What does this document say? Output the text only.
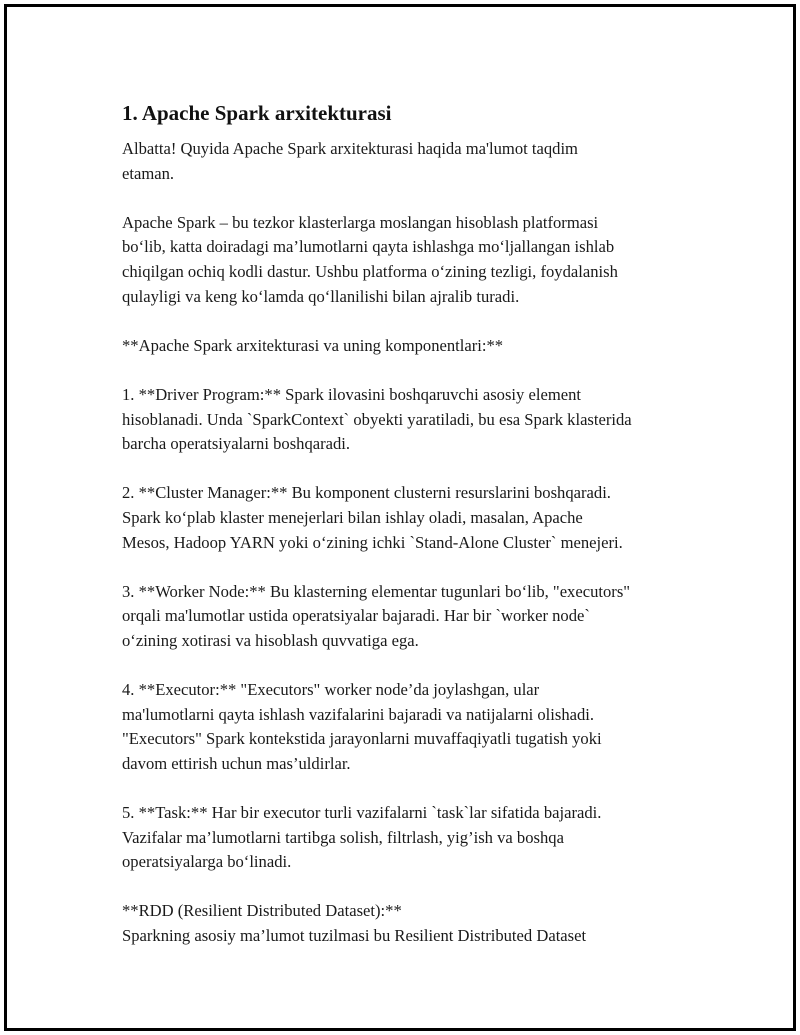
1. Apache Spark arxitekturasi
Albatta! Quyida Apache Spark arxitekturasi haqida ma'lumot taqdim
etaman.
Apache Spark – bu tezkor klasterlarga moslangan hisoblash platformasi
bo‘lib, katta doiradagi ma’lumotlarni qayta ishlashga mo‘ljallangan ishlab
chiqilgan ochiq kodli dastur. Ushbu platforma o‘zining tezligi, foydalanish
qulayligi va keng ko‘lamda qo‘llanilishi bilan ajralib turadi.
**Apache Spark arxitekturasi va uning komponentlari:**
1. **Driver Program:** Spark ilovasini boshqaruvchi asosiy element
hisoblanadi. Unda `SparkContext` obyekti yaratiladi, bu esa Spark klasterida
barcha operatsiyalarni boshqaradi.
2. **Cluster Manager:** Bu komponent clusterni resurslarini boshqaradi.
Spark ko‘plab klaster menejerlari bilan ishlay oladi, masalan, Apache
Mesos, Hadoop YARN yoki o‘zining ichki `Stand-Alone Cluster` menejeri.
3. **Worker Node:** Bu klasterning elementar tugunlari bo‘lib, "executors"
orqali ma'lumotlar ustida operatsiyalar bajaradi. Har bir `worker node`
o‘zining xotirasi va hisoblash quvvatiga ega.
4. **Executor:** "Executors" worker node’da joylashgan, ular
ma'lumotlarni qayta ishlash vazifalarini bajaradi va natijalarni olishadi.
"Executors" Spark kontekstida jarayonlarni muvaffaqiyatli tugatish yoki
davom ettirish uchun mas’uldirlar.
5. **Task:** Har bir executor turli vazifalarni `task`lar sifatida bajaradi.
Vazifalar ma’lumotlarni tartibga solish, filtrlash, yig’ish va boshqa
operatsiyalarga bo‘linadi.
**RDD (Resilient Distributed Dataset):**
Sparkning asosiy ma’lumot tuzilmasi bu Resilient Distributed Dataset
